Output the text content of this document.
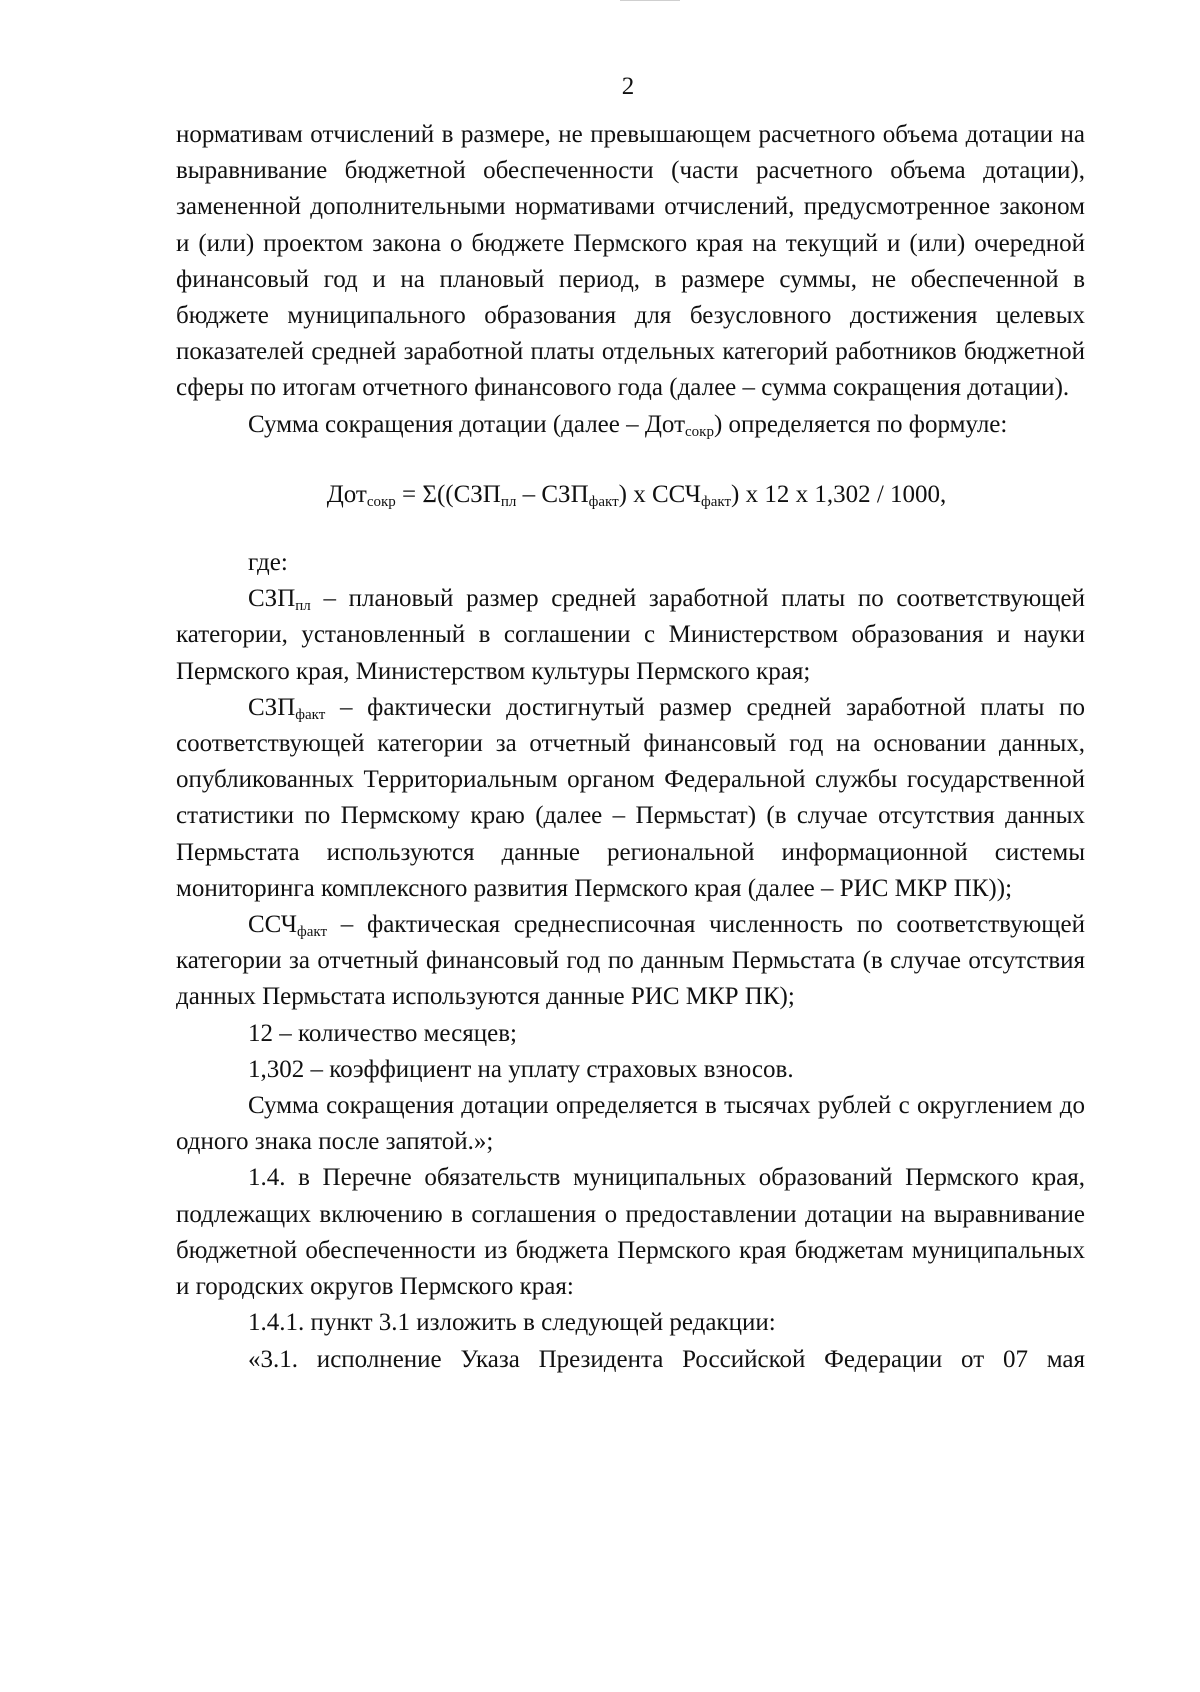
2

нормативам отчислений в размере, не превышающем расчетного объема дотации на выравнивание бюджетной обеспеченности (части расчетного объема дотации), замененной дополнительными нормативами отчислений, предусмотренное законом и (или) проектом закона о бюджете Пермского края на текущий и (или) очередной финансовый год и на плановый период, в размере суммы, не обеспеченной в бюджете муниципального образования для безусловного достижения целевых показателей средней заработной платы отдельных категорий работников бюджетной сферы по итогам отчетного финансового года (далее – сумма сокращения дотации).

Сумма сокращения дотации (далее – Дот$_{сокр}$) определяется по формуле:

$Дот_{сокр} = \Sigma((СЗП_{пл} - СЗП_{факт})$ х $ССЧ_{факт}$) х 12 х 1,302 / 1000,

где:

$СЗП_{пл}$ – плановый размер средней заработной платы по соответствующей категории, установленный в соглашении с Министерством образования и науки Пермского края, Министерством культуры Пермского края;

$СЗП_{факт}$ – фактически достигнутый размер средней заработной платы по соответствующей категории за отчетный финансовый год на основании данных, опубликованных Территориальным органом Федеральной службы государственной статистики по Пермскому краю (далее – Пермьстат) (в случае отсутствия данных Пермьстата используются данные региональной информационной системы мониторинга комплексного развития Пермского края (далее – РИС МКР ПК));

$ССЧ_{факт}$ – фактическая среднесписочная численность по соответствующей категории за отчетный финансовый год по данным Пермьстата (в случае отсутствия данных Пермьстата используются данные РИС МКР ПК);

12 – количество месяцев;

1,302 – коэффициент на уплату страховых взносов.

Сумма сокращения дотации определяется в тысячах рублей с округлением до одного знака после запятой.»;

1.4. в Перечне обязательств муниципальных образований Пермского края, подлежащих включению в соглашения о предоставлении дотации на выравнивание бюджетной обеспеченности из бюджета Пермского края бюджетам муниципальных и городских округов Пермского края:

1.4.1. пункт 3.1 изложить в следующей редакции:

«3.1. исполнение Указа Президента Российской Федерации от 07 мая
